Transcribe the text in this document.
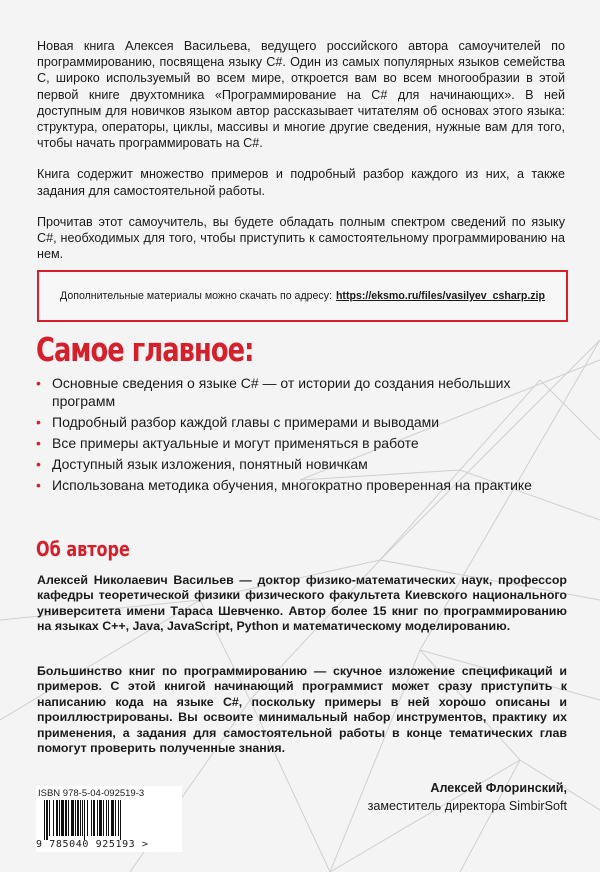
Новая книга Алексея Васильева, ведущего российского автора самоучителей по программированию, посвящена языку C#. Один из самых популярных языков семейства С, широко используемый во всем мире, откроется вам во всем многообразии в этой первой книге двухтомника «Программирование на C# для начинающих». В ней доступным для новичков языком автор рассказывает читателям об основах этого языка: структура, операторы, циклы, массивы и многие другие сведения, нужные вам для того, чтобы начать программировать на C#.

Книга содержит множество примеров и подробный разбор каждого из них, а также задания для самостоятельной работы.

Прочитав этот самоучитель, вы будете обладать полным спектром сведений по языку C#, необходимых для того, чтобы приступить к самостоятельному программированию на нем.

Дополнительные материалы можно скачать по адресу: https://eksmo.ru/files/vasilyev_csharp.zip
Самое главное:
• Основные сведения о языке C# — от истории до создания небольших программ
• Подробный разбор каждой главы с примерами и выводами
• Все примеры актуальные и могут применяться в работе
• Доступный язык изложения, понятный новичкам
• Использована методика обучения, многократно проверенная на практике
Об авторе

Алексей Николаевич Васильев — доктор физико-математических наук, профессор кафедры теоретической физики физического факультета Киевского национального университета имени Тараса Шевченко. Автор более 15 книг по программированию на языках C++, Java, JavaScript, Python и математическому моделированию.

Большинство книг по программированию — скучное изложение спецификаций и примеров. С этой книгой начинающий программист может сразу приступить к написанию кода на языке C#, поскольку примеры в ней хорошо описаны и проиллюстрированы. Вы освоите минимальный набор инструментов, практику их применения, а задания для самостоятельной работы в конце тематических глав помогут проверить полученные знания.

Алексей Флоринский,
заместитель директора SimbirSoft
ISBN 978-5-04-092519-3
9 785040 925193 >
